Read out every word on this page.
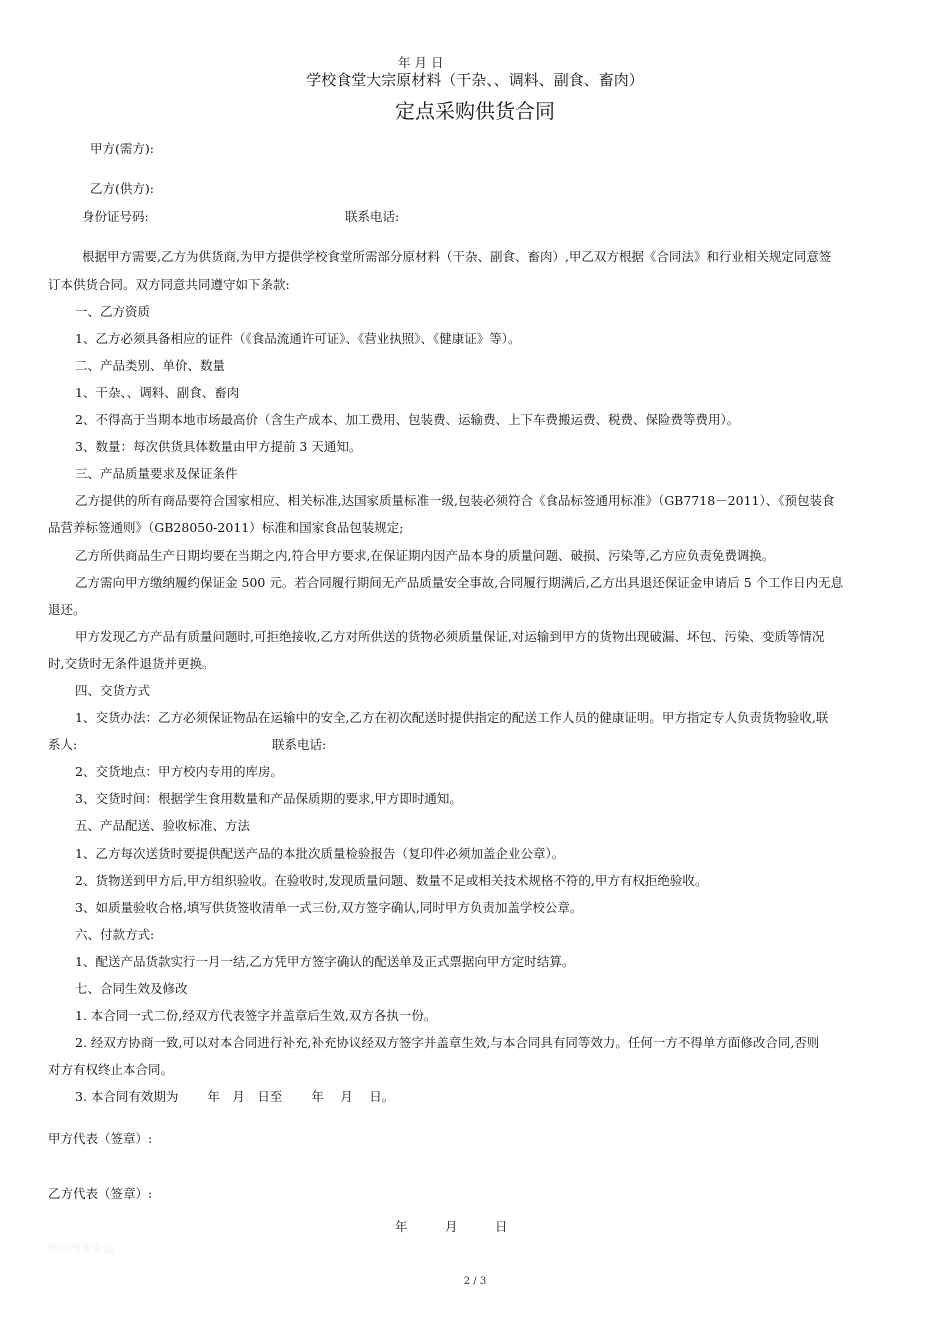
年 月 日
学校食堂大宗原材料（干杂、、调料、副食、畜肉）
定点采购供货合同
甲方(需方):
乙方(供方):
身份证号码:	联系电话:
根据甲方需要,乙方为供货商,为甲方提供学校食堂所需部分原材料（干杂、副食、畜肉）,甲乙双方根据《合同法》和行业相关规定同意签
订本供货合同。双方同意共同遵守如下条款:
一、乙方资质
1、乙方必须具备相应的证件（《食品流通许可证》、《营业执照》、《健康证》等）。
二、产品类别、单价、数量
1、干杂、、调料、副食、畜肉
2、不得高于当期本地市场最高价（含生产成本、加工费用、包装费、运输费、上下车费搬运费、税费、保险费等费用）。
3、数量：每次供货具体数量由甲方提前 3 天通知。
三、产品质量要求及保证条件
乙方提供的所有商品要符合国家相应、相关标准,达国家质量标准一级,包装必须符合《食品标签通用标准》（GB7718－2011）、《预包装食
品营养标签通则》（GB28050-2011）标准和国家食品包装规定;
乙方所供商品生产日期均要在当期之内,符合甲方要求,在保证期内因产品本身的质量问题、破损、污染等,乙方应负责免费调换。
乙方需向甲方缴纳履约保证金 500 元。若合同履行期间无产品质量安全事故,合同履行期满后,乙方出具退还保证金申请后 5 个工作日内无息
退还。
甲方发现乙方产品有质量问题时,可拒绝接收,乙方对所供送的货物必须质量保证,对运输到甲方的货物出现破漏、坏包、污染、变质等情况
时,交货时无条件退货并更换。
四、交货方式
1、交货办法：乙方必须保证物品在运输中的安全,乙方在初次配送时提供指定的配送工作人员的健康证明。甲方指定专人负责货物验收,联
系人:	联系电话:
2、交货地点：甲方校内专用的库房。
3、交货时间：根据学生食用数量和产品保质期的要求,甲方即时通知。
五、产品配送、验收标准、方法
1、乙方每次送货时要提供配送产品的本批次质量检验报告（复印件必须加盖企业公章）。
2、货物送到甲方后,甲方组织验收。在验收时,发现质量问题、数量不足或相关技术规格不符的,甲方有权拒绝验收。
3、如质量验收合格,填写供货签收清单一式三份,双方签字确认,同时甲方负责加盖学校公章。
六、付款方式:
1、配送产品货款实行一月一结,乙方凭甲方签字确认的配送单及正式票据向甲方定时结算。
七、合同生效及修改
1. 本合同一式二份,经双方代表签字并盖章后生效,双方各执一份。
2. 经双方协商一致,可以对本合同进行补充,补充协议经双方签字并盖章生效,与本合同具有同等效力。任何一方不得单方面修改合同,否则
对方有权终止本合同。
3. 本合同有效期为　　 年　月　日至　　 年　 月　 日。
甲方代表（签章）:
乙方代表（签章）:
年　　　月　　　日
知识改变命运
2 / 3
